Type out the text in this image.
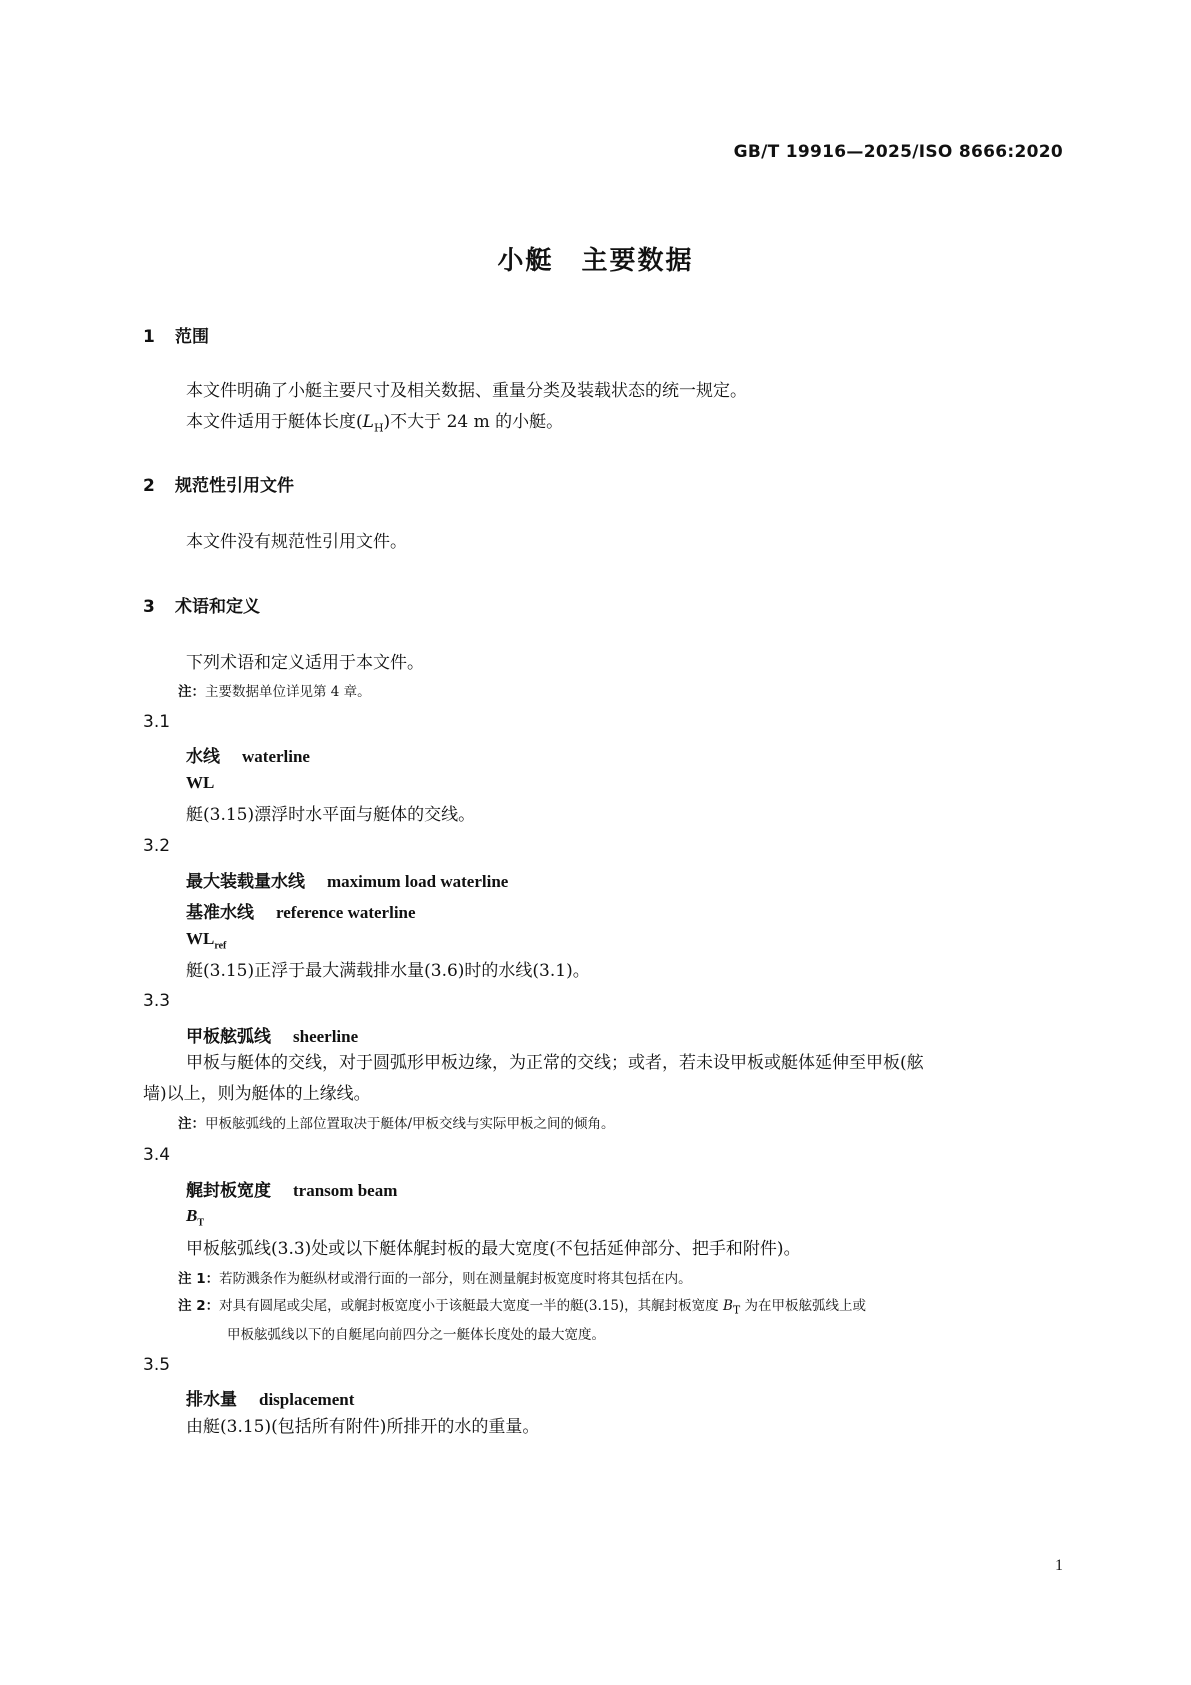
GB/T 19916—2025/ISO 8666:2020
小艇　主要数据
1 范围
本文件明确了小艇主要尺寸及相关数据、重量分类及装载状态的统一规定。
本文件适用于艇体长度$(L_H)$不大于 24 m 的小艇。
2 规范性引用文件
本文件没有规范性引用文件。
3 术语和定义
下列术语和定义适用于本文件。
注：主要数据单位详见第 4 章。
3.1
水线 waterline
WL
艇(3.15)漂浮时水平面与艇体的交线。
3.2
最大装载量水线 maximum load waterline
基准水线 reference waterline
$WL_{ref}$
艇(3.15)正浮于最大满载排水量(3.6)时的水线(3.1)。
3.3
甲板舷弧线 sheerline
甲板与艇体的交线，对于圆弧形甲板边缘，为正常的交线；或者，若未设甲板或艇体延伸至甲板(舷
墙)以上，则为艇体的上缘线。
注：甲板舷弧线的上部位置取决于艇体/甲板交线与实际甲板之间的倾角。
3.4
艉封板宽度 transom beam
$B_T$
甲板舷弧线(3.3)处或以下艇体艉封板的最大宽度(不包括延伸部分、把手和附件)。
注 1：若防溅条作为艇纵材或滑行面的一部分，则在测量艉封板宽度时将其包括在内。
注 2：对具有圆尾或尖尾，或艉封板宽度小于该艇最大宽度一半的艇(3.15)，其艉封板宽度 $B_T$ 为在甲板舷弧线上或
甲板舷弧线以下的自艇尾向前四分之一艇体长度处的最大宽度。
3.5
排水量 displacement
由艇(3.15)(包括所有附件)所排开的水的重量。
1
